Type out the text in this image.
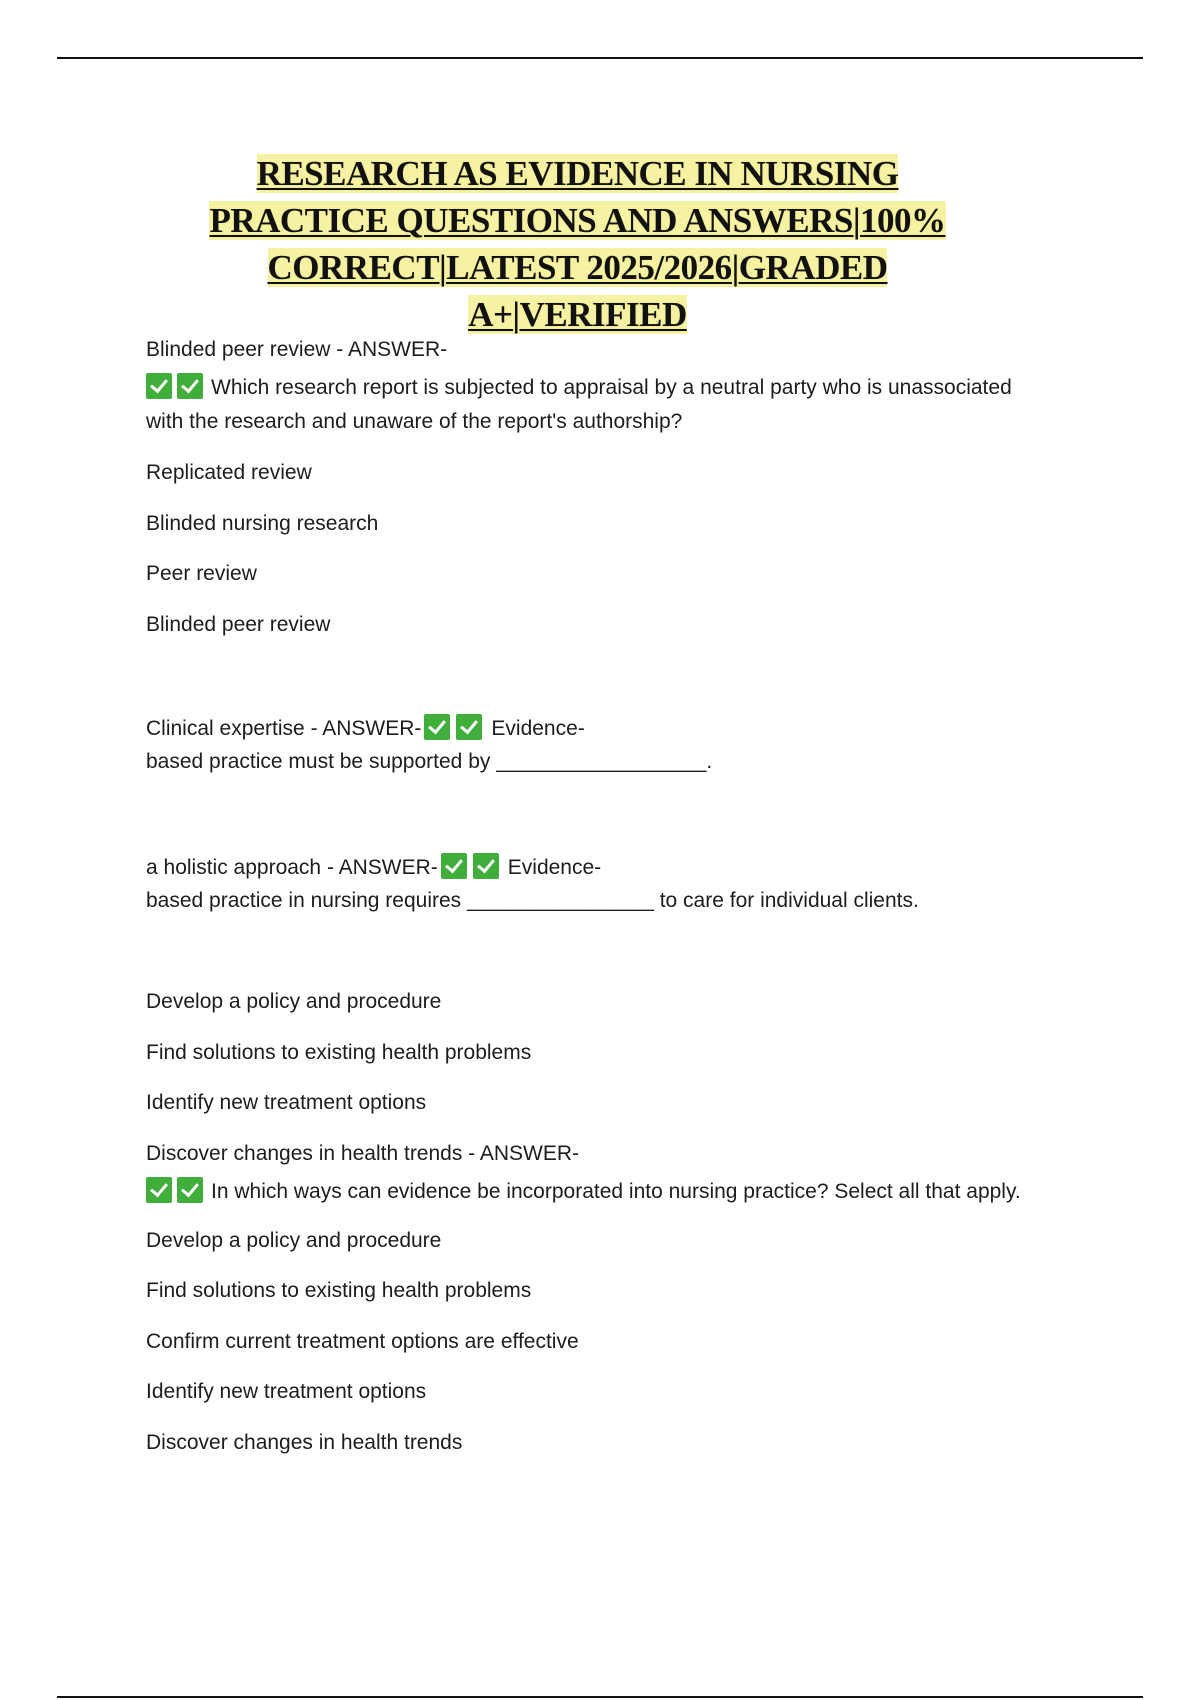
RESEARCH AS EVIDENCE IN NURSING
PRACTICE QUESTIONS AND ANSWERS|100%
CORRECT|LATEST 2025/2026|GRADED
A+|VERIFIED
Blinded peer review - ANSWER-
Which research report is subjected to appraisal by a neutral party who is unassociated
with the research and unaware of the report's authorship?
Replicated review
Blinded nursing research
Peer review
Blinded peer review
Clinical expertise - ANSWER-	Evidence-
based practice must be supported by __________________.
a holistic approach - ANSWER-	Evidence-
based practice in nursing requires ________________ to care for individual clients.
Develop a policy and procedure
Find solutions to existing health problems
Identify new treatment options
Discover changes in health trends - ANSWER-
In which ways can evidence be incorporated into nursing practice? Select all that apply.
Develop a policy and procedure
Find solutions to existing health problems
Confirm current treatment options are effective
Identify new treatment options
Discover changes in health trends
